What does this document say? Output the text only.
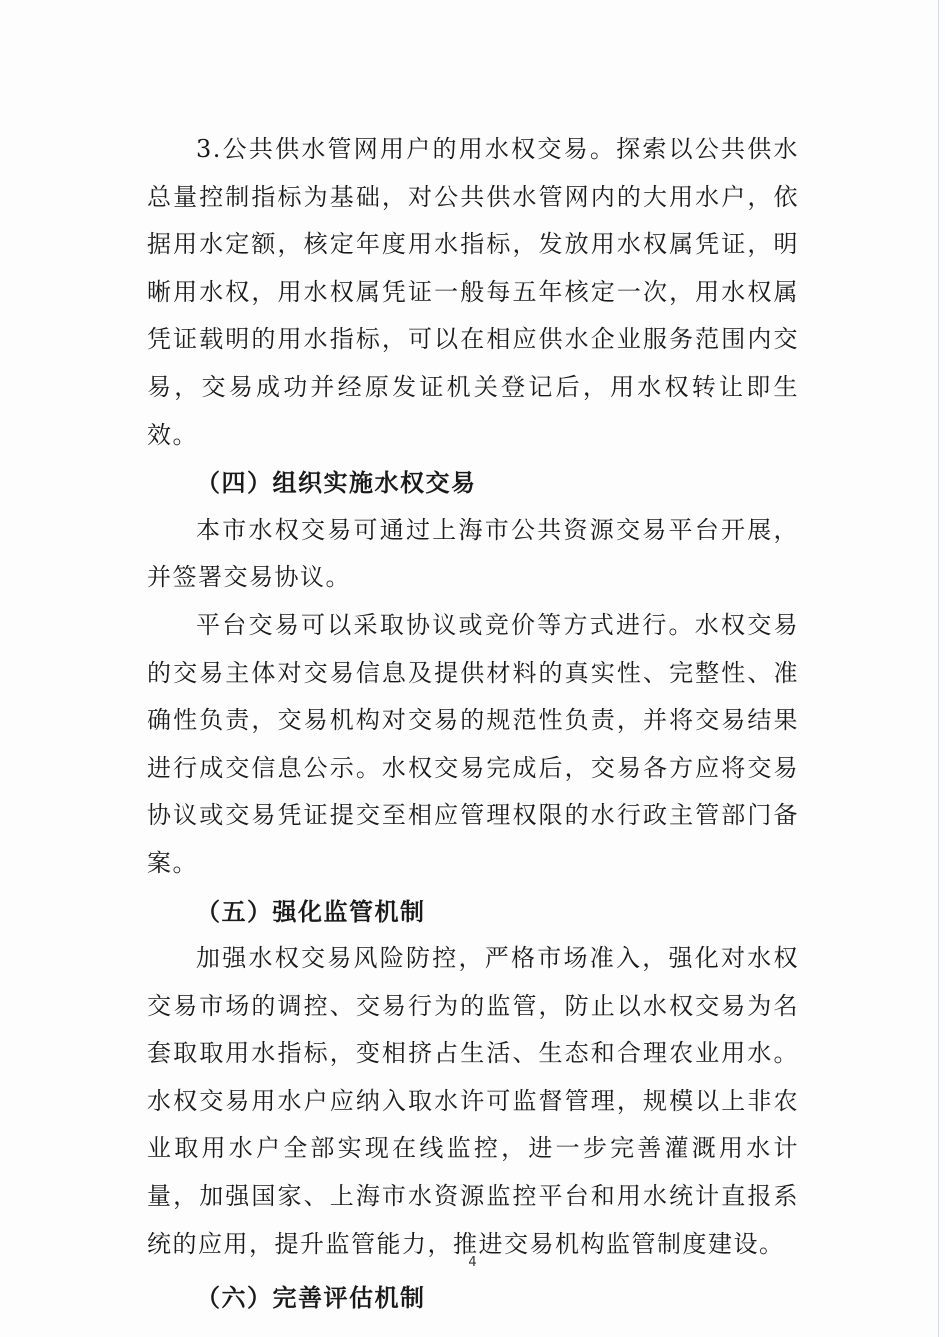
3.公共供水管网用户的用水权交易。探索以公共供水总量控制指标为基础，对公共供水管网内的大用水户，依据用水定额，核定年度用水指标，发放用水权属凭证，明晰用水权，用水权属凭证一般每五年核定一次，用水权属凭证载明的用水指标，可以在相应供水企业服务范围内交易，交易成功并经原发证机关登记后，用水权转让即生效。

（四）组织实施水权交易

本市水权交易可通过上海市公共资源交易平台开展，并签署交易协议。

平台交易可以采取协议或竞价等方式进行。水权交易的交易主体对交易信息及提供材料的真实性、完整性、准确性负责，交易机构对交易的规范性负责，并将交易结果进行成交信息公示。水权交易完成后，交易各方应将交易协议或交易凭证提交至相应管理权限的水行政主管部门备案。

（五）强化监管机制

加强水权交易风险防控，严格市场准入，强化对水权交易市场的调控、交易行为的监管，防止以水权交易为名套取取用水指标，变相挤占生活、生态和合理农业用水。水权交易用水户应纳入取水许可监督管理，规模以上非农业取用水户全部实现在线监控，进一步完善灌溉用水计量，加强国家、上海市水资源监控平台和用水统计直报系统的应用，提升监管能力，推进交易机构监管制度建设。

（六）完善评估机制

4
